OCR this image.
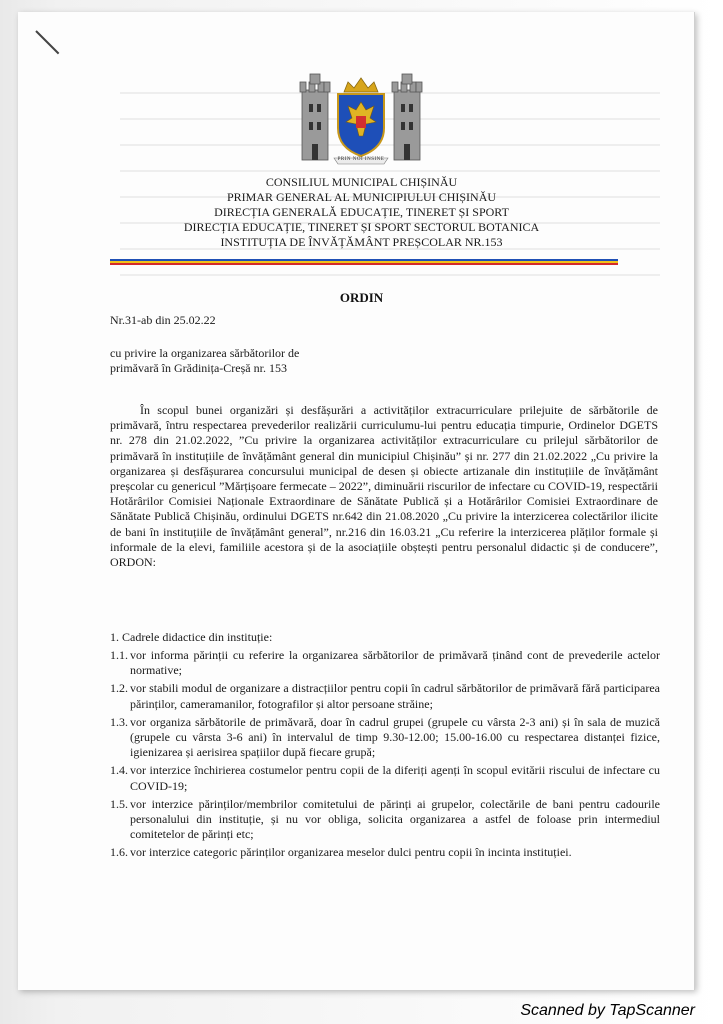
PRIN NOI INSINE
CONSILIUL MUNICIPAL CHIȘINĂU
PRIMAR GENERAL AL MUNICIPIULUI CHIȘINĂU
DIRECȚIA GENERALĂ EDUCAȚIE, TINERET ȘI SPORT
DIRECȚIA EDUCAȚIE, TINERET ȘI SPORT SECTORUL BOTANICA
INSTITUȚIA DE ÎNVĂȚĂMÂNT PREȘCOLAR NR.153
ORDIN
Nr.31-ab din 25.02.22
cu privire la organizarea sărbătorilor de
primăvară în Grădinița-Creșă nr. 153
În scopul bunei organizări și desfășurări a activităților extracurriculare prilejuite de sărbătorile de primăvară, întru respectarea prevederilor realizării curriculumu-lui pentru educația timpurie, Ordinelor DGETS nr. 278 din 21.02.2022, ”Cu privire la organizarea activităților extracurriculare cu prilejul sărbătorilor de primăvară în instituțiile de învățământ general din municipiul Chișinău” și nr. 277 din 21.02.2022 „Cu privire la organizarea și desfășurarea concursului municipal de desen și obiecte artizanale din instituțiile de învățământ preșcolar cu genericul ”Mărțișoare fermecate – 2022”, diminuării riscurilor de infectare cu COVID-19, respectării Hotărârilor Comisiei Naționale Extraordinare de Sănătate Publică și a Hotărârilor Comisiei Extraordinare de Sănătate Publică Chișinău, ordinului DGETS nr.642 din 21.08.2020 „Cu privire la interzicerea colectărilor ilicite de bani în instituțiile de învățământ general”, nr.216 din 16.03.21 „Cu referire la interzicerea plăților formale și informale de la elevi, familiile acestora și de la asociațiile obștești pentru personalul didactic și de conducere”, ORDON:
1. Cadrele didactice din instituție:
1.1. vor informa părinții cu referire la organizarea sărbătorilor de primăvară ținând cont de prevederile actelor normative;
1.2. vor stabili modul de organizare a distracțiilor pentru copii în cadrul sărbătorilor de primăvară fără participarea părinților, cameramanilor, fotografilor și altor persoane străine;
1.3. vor organiza sărbătorile de primăvară, doar în cadrul grupei (grupele cu vârsta 2-3 ani) și în sala de muzică (grupele cu vârsta 3-6 ani) în intervalul de timp 9.30-12.00; 15.00-16.00 cu respectarea distanței fizice, igienizarea și aerisirea spațiilor după fiecare grupă;
1.4. vor interzice închirierea costumelor pentru copii de la diferiți agenți în scopul evitării riscului de infectare cu COVID-19;
1.5. vor interzice părinților/membrilor comitetului de părinți ai grupelor, colectările de bani pentru cadourile personalului din instituție, și nu vor obliga, solicita organizarea a astfel de foloase prin intermediul comitetelor de părinți etc;
1.6. vor interzice categoric părinților organizarea meselor dulci pentru copii în incinta instituției.
Scanned by TapScanner
